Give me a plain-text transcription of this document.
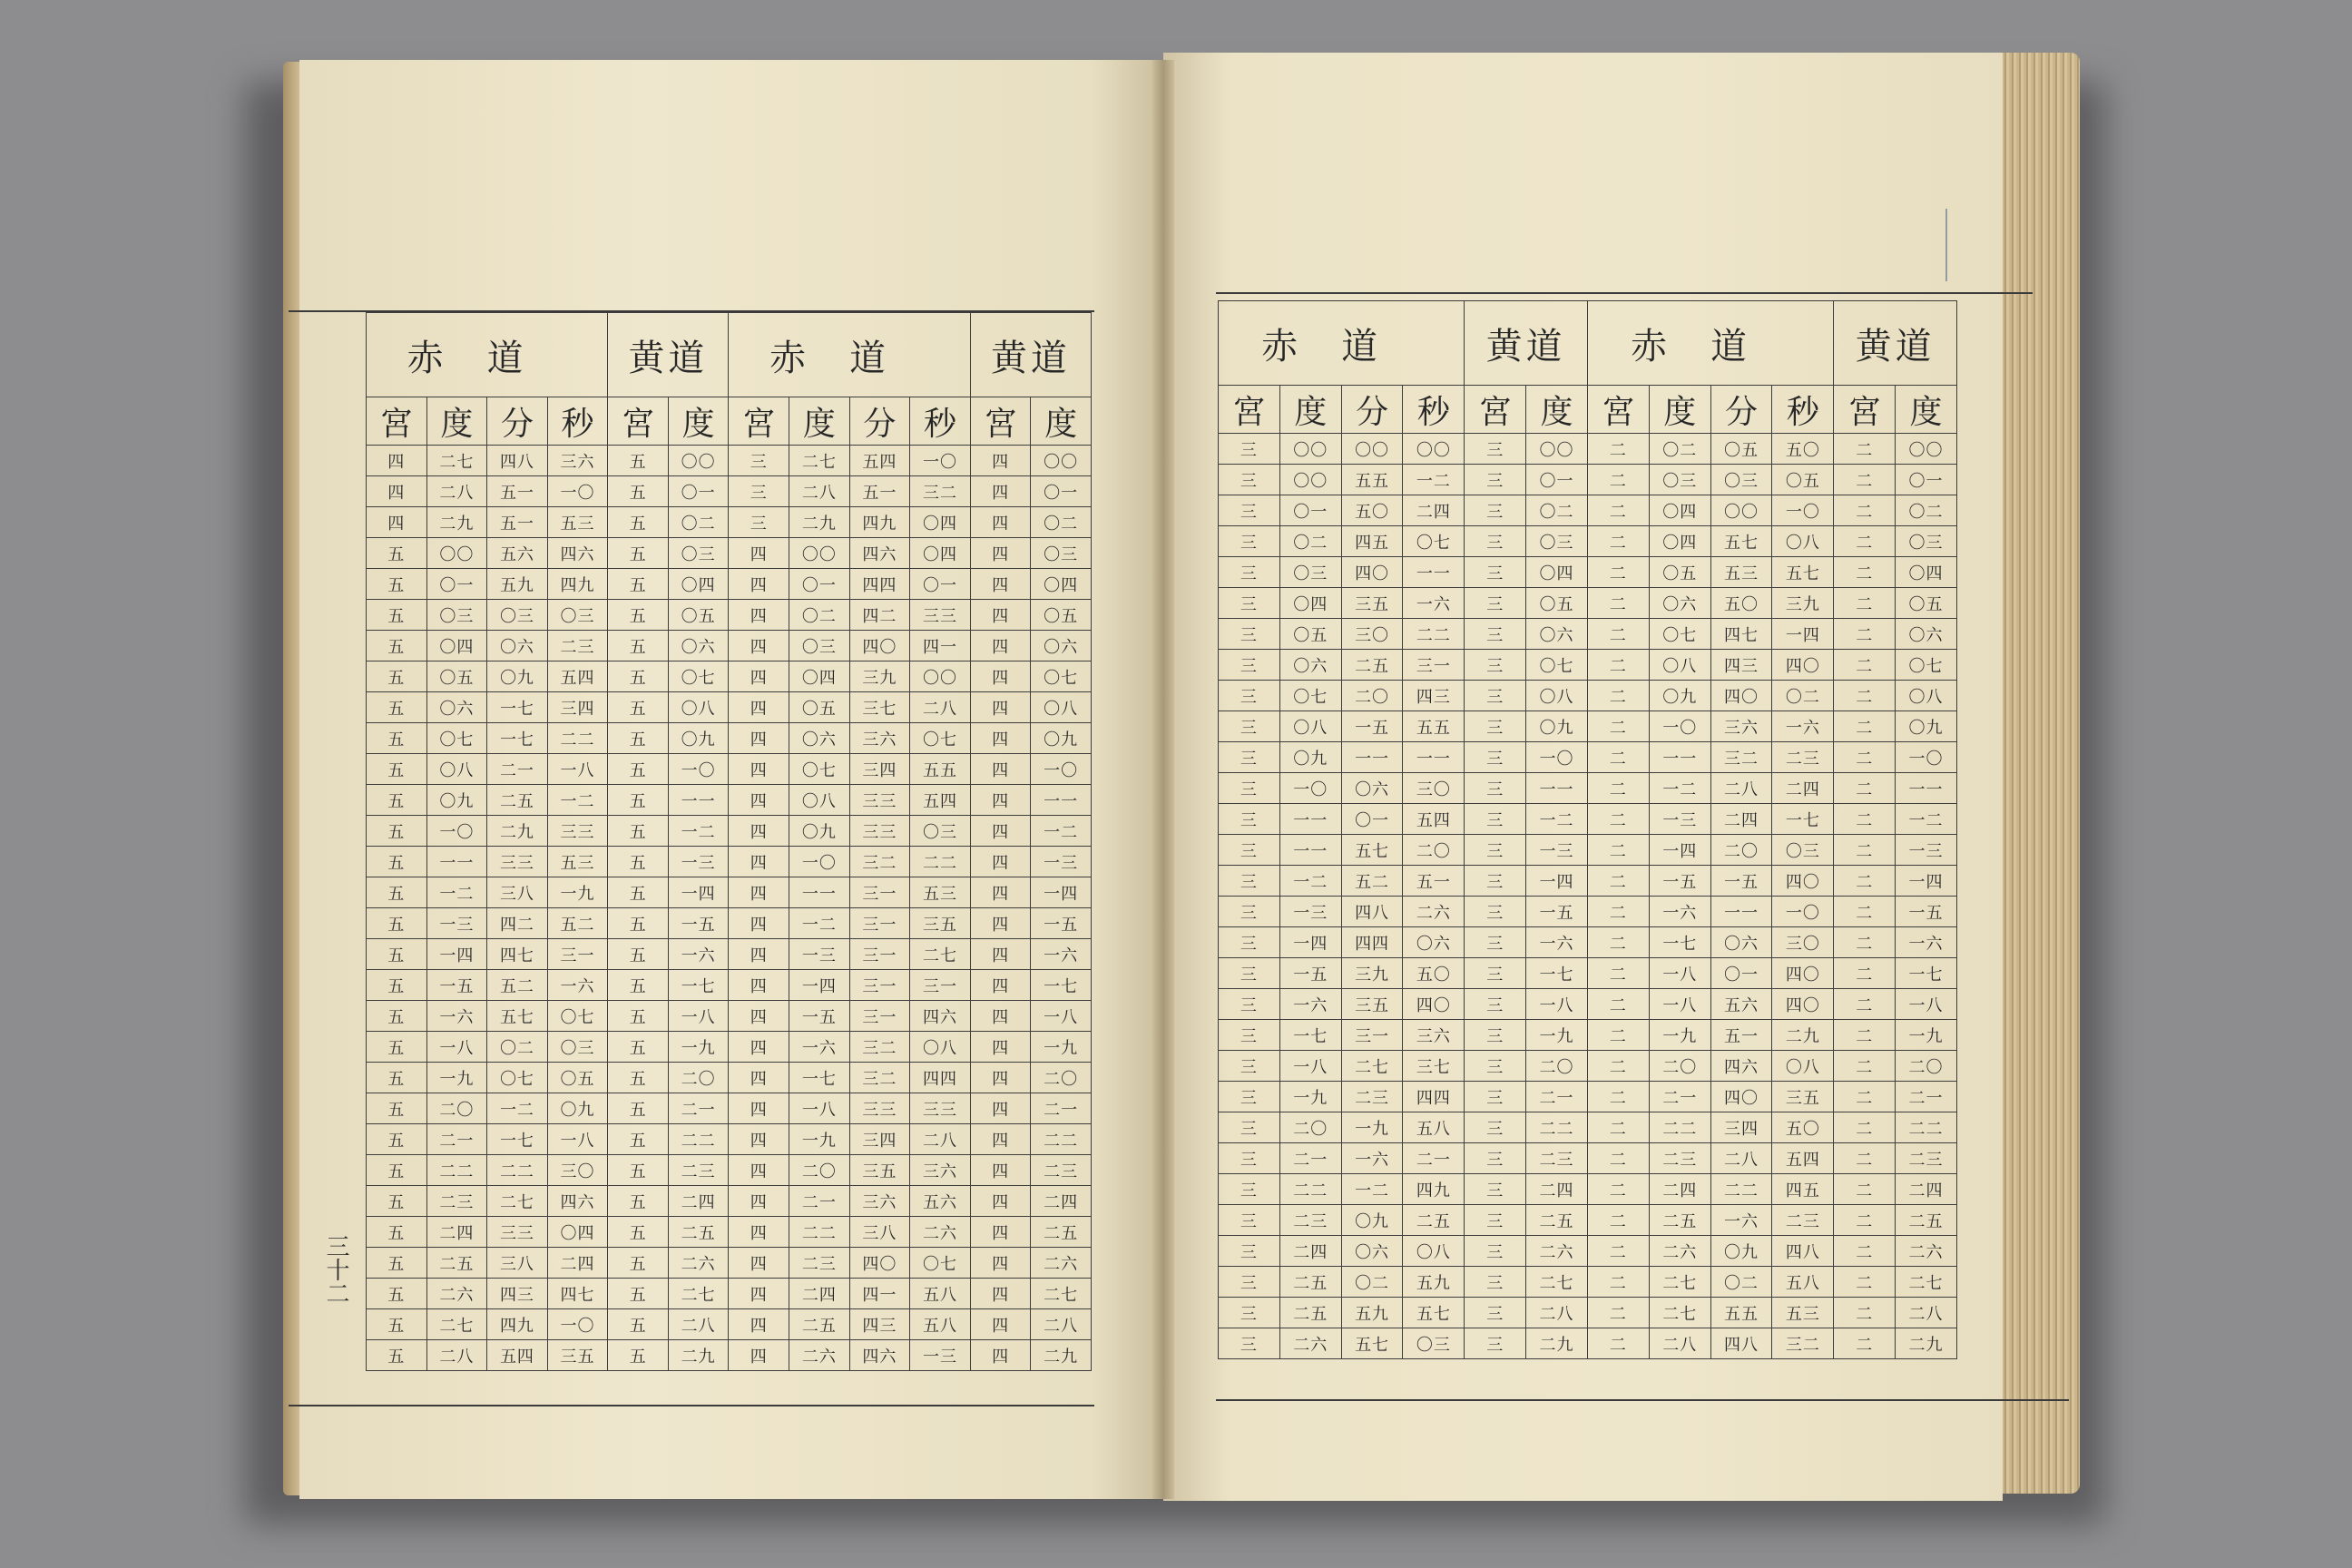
赤道				黄道		赤道				黄道	
宮	度	分	秒	宮	度	宮	度	分	秒	宮	度
四	二七	四八	三六	五	〇〇	三	二七	五四	一〇	四	〇〇
四	二八	五一	一〇	五	〇一	三	二八	五一	三二	四	〇一
四	二九	五一	五三	五	〇二	三	二九	四九	〇四	四	〇二
五	〇〇	五六	四六	五	〇三	四	〇〇	四六	〇四	四	〇三
五	〇一	五九	四九	五	〇四	四	〇一	四四	〇一	四	〇四
五	〇三	〇三	〇三	五	〇五	四	〇二	四二	三三	四	〇五
五	〇四	〇六	二三	五	〇六	四	〇三	四〇	四一	四	〇六
五	〇五	〇九	五四	五	〇七	四	〇四	三九	〇〇	四	〇七
五	〇六	一七	三四	五	〇八	四	〇五	三七	二八	四	〇八
五	〇七	一七	二二	五	〇九	四	〇六	三六	〇七	四	〇九
五	〇八	二一	一八	五	一〇	四	〇七	三四	五五	四	一〇
五	〇九	二五	一二	五	一一	四	〇八	三三	五四	四	一一
五	一〇	二九	三三	五	一二	四	〇九	三三	〇三	四	一二
五	一一	三三	五三	五	一三	四	一〇	三二	二二	四	一三
五	一二	三八	一九	五	一四	四	一一	三一	五三	四	一四
五	一三	四二	五二	五	一五	四	一二	三一	三五	四	一五
五	一四	四七	三一	五	一六	四	一三	三一	二七	四	一六
五	一五	五二	一六	五	一七	四	一四	三一	三一	四	一七
五	一六	五七	〇七	五	一八	四	一五	三一	四六	四	一八
五	一八	〇二	〇三	五	一九	四	一六	三二	〇八	四	一九
五	一九	〇七	〇五	五	二〇	四	一七	三二	四四	四	二〇
五	二〇	一二	〇九	五	二一	四	一八	三三	三三	四	二一
五	二一	一七	一八	五	二二	四	一九	三四	二八	四	二二
五	二二	二二	三〇	五	二三	四	二〇	三五	三六	四	二三
五	二三	二七	四六	五	二四	四	二一	三六	五六	四	二四
五	二四	三三	〇四	五	二五	四	二二	三八	二六	四	二五
五	二五	三八	二四	五	二六	四	二三	四〇	〇七	四	二六
五	二六	四三	四七	五	二七	四	二四	四一	五八	四	二七
五	二七	四九	一〇	五	二八	四	二五	四三	五八	四	二八
五	二八	五四	三五	五	二九	四	二六	四六	一三	四	二九
赤道				黄道		赤道				黄道	
宮	度	分	秒	宮	度	宮	度	分	秒	宮	度
三	〇〇	〇〇	〇〇	三	〇〇	二	〇二	〇五	五〇	二	〇〇
三	〇〇	五五	一二	三	〇一	二	〇三	〇三	〇五	二	〇一
三	〇一	五〇	二四	三	〇二	二	〇四	〇〇	一〇	二	〇二
三	〇二	四五	〇七	三	〇三	二	〇四	五七	〇八	二	〇三
三	〇三	四〇	一一	三	〇四	二	〇五	五三	五七	二	〇四
三	〇四	三五	一六	三	〇五	二	〇六	五〇	三九	二	〇五
三	〇五	三〇	二二	三	〇六	二	〇七	四七	一四	二	〇六
三	〇六	二五	三一	三	〇七	二	〇八	四三	四〇	二	〇七
三	〇七	二〇	四三	三	〇八	二	〇九	四〇	〇二	二	〇八
三	〇八	一五	五五	三	〇九	二	一〇	三六	一六	二	〇九
三	〇九	一一	一一	三	一〇	二	一一	三二	二三	二	一〇
三	一〇	〇六	三〇	三	一一	二	一二	二八	二四	二	一一
三	一一	〇一	五四	三	一二	二	一三	二四	一七	二	一二
三	一一	五七	二〇	三	一三	二	一四	二〇	〇三	二	一三
三	一二	五二	五一	三	一四	二	一五	一五	四〇	二	一四
三	一三	四八	二六	三	一五	二	一六	一一	一〇	二	一五
三	一四	四四	〇六	三	一六	二	一七	〇六	三〇	二	一六
三	一五	三九	五〇	三	一七	二	一八	〇一	四〇	二	一七
三	一六	三五	四〇	三	一八	二	一八	五六	四〇	二	一八
三	一七	三一	三六	三	一九	二	一九	五一	二九	二	一九
三	一八	二七	三七	三	二〇	二	二〇	四六	〇八	二	二〇
三	一九	二三	四四	三	二一	二	二一	四〇	三五	二	二一
三	二〇	一九	五八	三	二二	二	二二	三四	五〇	二	二二
三	二一	一六	二一	三	二三	二	二三	二八	五四	二	二三
三	二二	一二	四九	三	二四	二	二四	二二	四五	二	二四
三	二三	〇九	二五	三	二五	二	二五	一六	二三	二	二五
三	二四	〇六	〇八	三	二六	二	二六	〇九	四八	二	二六
三	二五	〇二	五九	三	二七	二	二七	〇二	五八	二	二七
三	二五	五九	五七	三	二八	二	二七	五五	五三	二	二八
三	二六	五七	〇三	三	二九	二	二八	四八	三二	二	二九
三十二
